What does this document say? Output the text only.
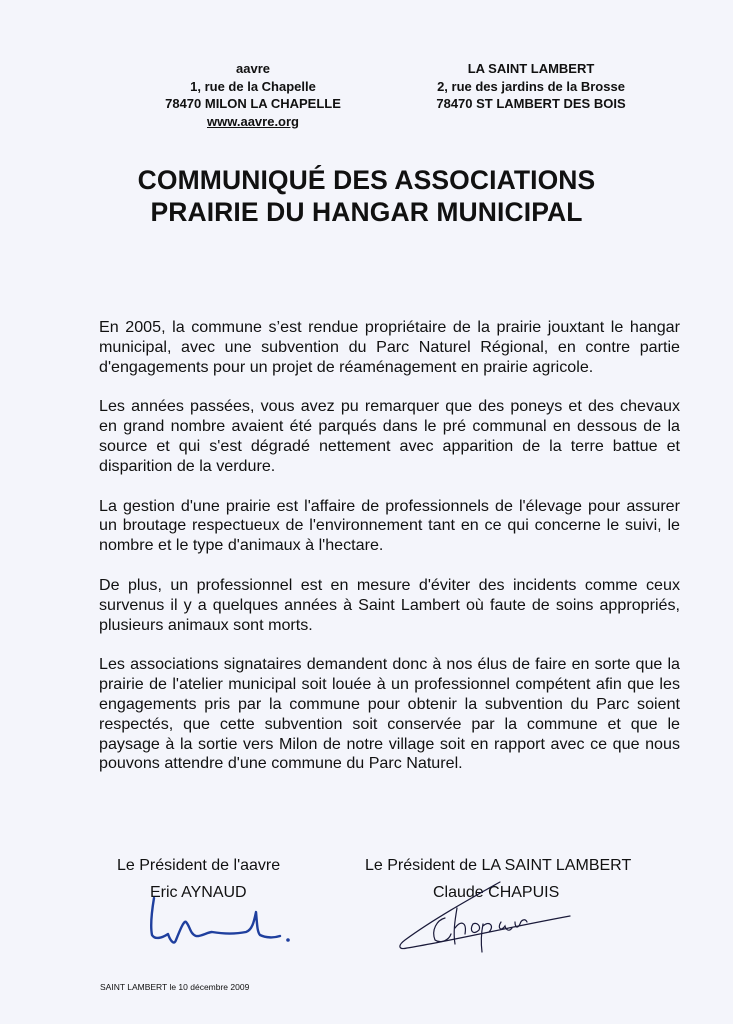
aavre
1, rue de la Chapelle
78470 MILON LA CHAPELLE
www.aavre.org
LA SAINT LAMBERT
2, rue des jardins de la Brosse
78470 ST LAMBERT DES BOIS
COMMUNIQUÉ DES ASSOCIATIONS
PRAIRIE DU HANGAR MUNICIPAL

En 2005, la commune s’est rendue propriétaire de la prairie jouxtant le hangar municipal, avec une subvention du Parc Naturel Régional, en contre partie d'engagements pour un projet de réaménagement en prairie agricole.

Les années passées, vous avez pu remarquer que des poneys et des chevaux en grand nombre avaient été parqués dans le pré communal en dessous de la source et qui s'est dégradé nettement avec apparition de la terre battue et disparition de la verdure.

La gestion d'une prairie est l'affaire de professionnels de l'élevage pour assurer un broutage respectueux de l'environnement tant en ce qui concerne le suivi, le nombre et le type d'animaux à l'hectare.

De plus, un professionnel est en mesure d'éviter des incidents comme ceux survenus il y a quelques années à Saint Lambert où faute de soins appropriés, plusieurs animaux sont morts.

Les associations signataires demandent donc à nos élus de faire en sorte que la prairie de l'atelier municipal soit louée à un professionnel compétent afin que les engagements pris par la commune pour obtenir la subvention du Parc soient respectés, que cette subvention soit conservée par la commune et que le paysage à la sortie vers Milon de notre village soit en rapport avec ce que nous pouvons attendre d'une commune du Parc Naturel.

Le Président de l'aavre
Eric AYNAUD
Le Président de LA SAINT LAMBERT
Claude CHAPUIS
SAINT LAMBERT le 10 décembre 2009
